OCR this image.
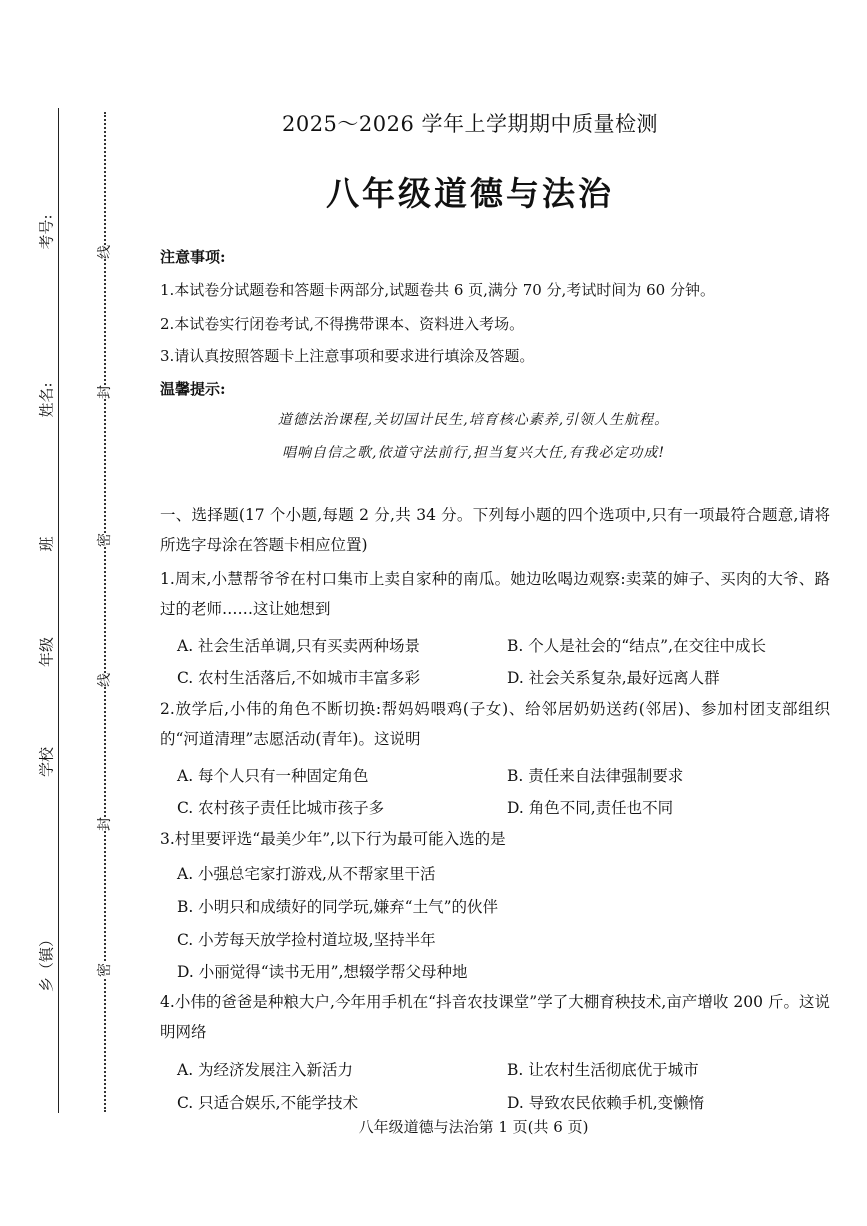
考号:
姓名:
班
年级
学校
乡（镇）
线
封
密
线
封
密
2025～2026 学年上学期期中质量检测
八年级道德与法治
注意事项:
1.本试卷分试题卷和答题卡两部分,试题卷共 6 页,满分 70 分,考试时间为 60 分钟。
2.本试卷实行闭卷考试,不得携带课本、资料进入考场。
3.请认真按照答题卡上注意事项和要求进行填涂及答题。
温馨提示:
道德法治课程,关切国计民生,培育核心素养,引领人生航程。
唱响自信之歌,依道守法前行,担当复兴大任,有我必定功成!
一、选择题(17 个小题,每题 2 分,共 34 分。下列每小题的四个选项中,只有一项最符合题意,请将所选字母涂在答题卡相应位置)
1.周末,小慧帮爷爷在村口集市上卖自家种的南瓜。她边吆喝边观察:卖菜的婶子、买肉的大爷、路过的老师……这让她想到
A. 社会生活单调,只有买卖两种场景	B. 个人是社会的“结点”,在交往中成长
C. 农村生活落后,不如城市丰富多彩	D. 社会关系复杂,最好远离人群
2.放学后,小伟的角色不断切换:帮妈妈喂鸡(子女)、给邻居奶奶送药(邻居)、参加村团支部组织的“河道清理”志愿活动(青年)。这说明
A. 每个人只有一种固定角色	B. 责任来自法律强制要求
C. 农村孩子责任比城市孩子多	D. 角色不同,责任也不同
3.村里要评选“最美少年”,以下行为最可能入选的是
A. 小强总宅家打游戏,从不帮家里干活
B. 小明只和成绩好的同学玩,嫌弃“土气”的伙伴
C. 小芳每天放学捡村道垃圾,坚持半年
D. 小丽觉得“读书无用”,想辍学帮父母种地
4.小伟的爸爸是种粮大户,今年用手机在“抖音农技课堂”学了大棚育秧技术,亩产增收 200 斤。这说明网络
A. 为经济发展注入新活力	B. 让农村生活彻底优于城市
C. 只适合娱乐,不能学技术	D. 导致农民依赖手机,变懒惰
八年级道德与法治第 1 页(共 6 页)
